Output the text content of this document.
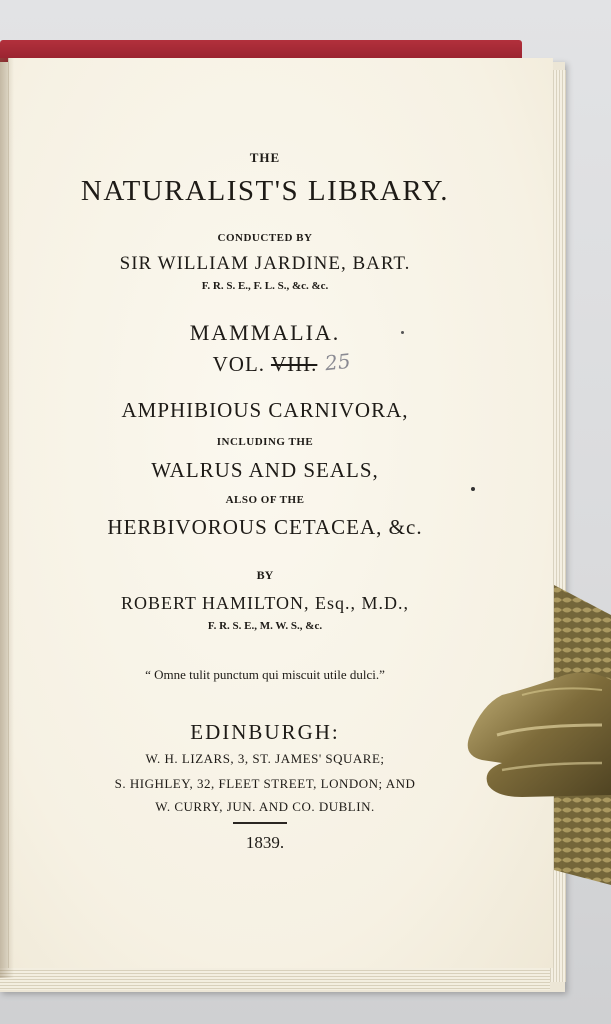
THE
NATURALIST'S LIBRARY.
CONDUCTED BY
SIR WILLIAM JARDINE, BART.
F. R. S. E., F. L. S., &c. &c.
MAMMALIA.
VOL. VIII. 25
AMPHIBIOUS CARNIVORA,
INCLUDING THE
WALRUS AND SEALS,
ALSO OF THE
HERBIVOROUS CETACEA, &c.
BY
ROBERT HAMILTON, Esq., M.D.,
F. R. S. E., M. W. S., &c.
“ Omne tulit punctum qui miscuit utile dulci.”
EDINBURGH:
W. H. LIZARS, 3, ST. JAMES' SQUARE;
S. HIGHLEY, 32, FLEET STREET, LONDON; AND
W. CURRY, JUN. AND CO. DUBLIN.
1839.
